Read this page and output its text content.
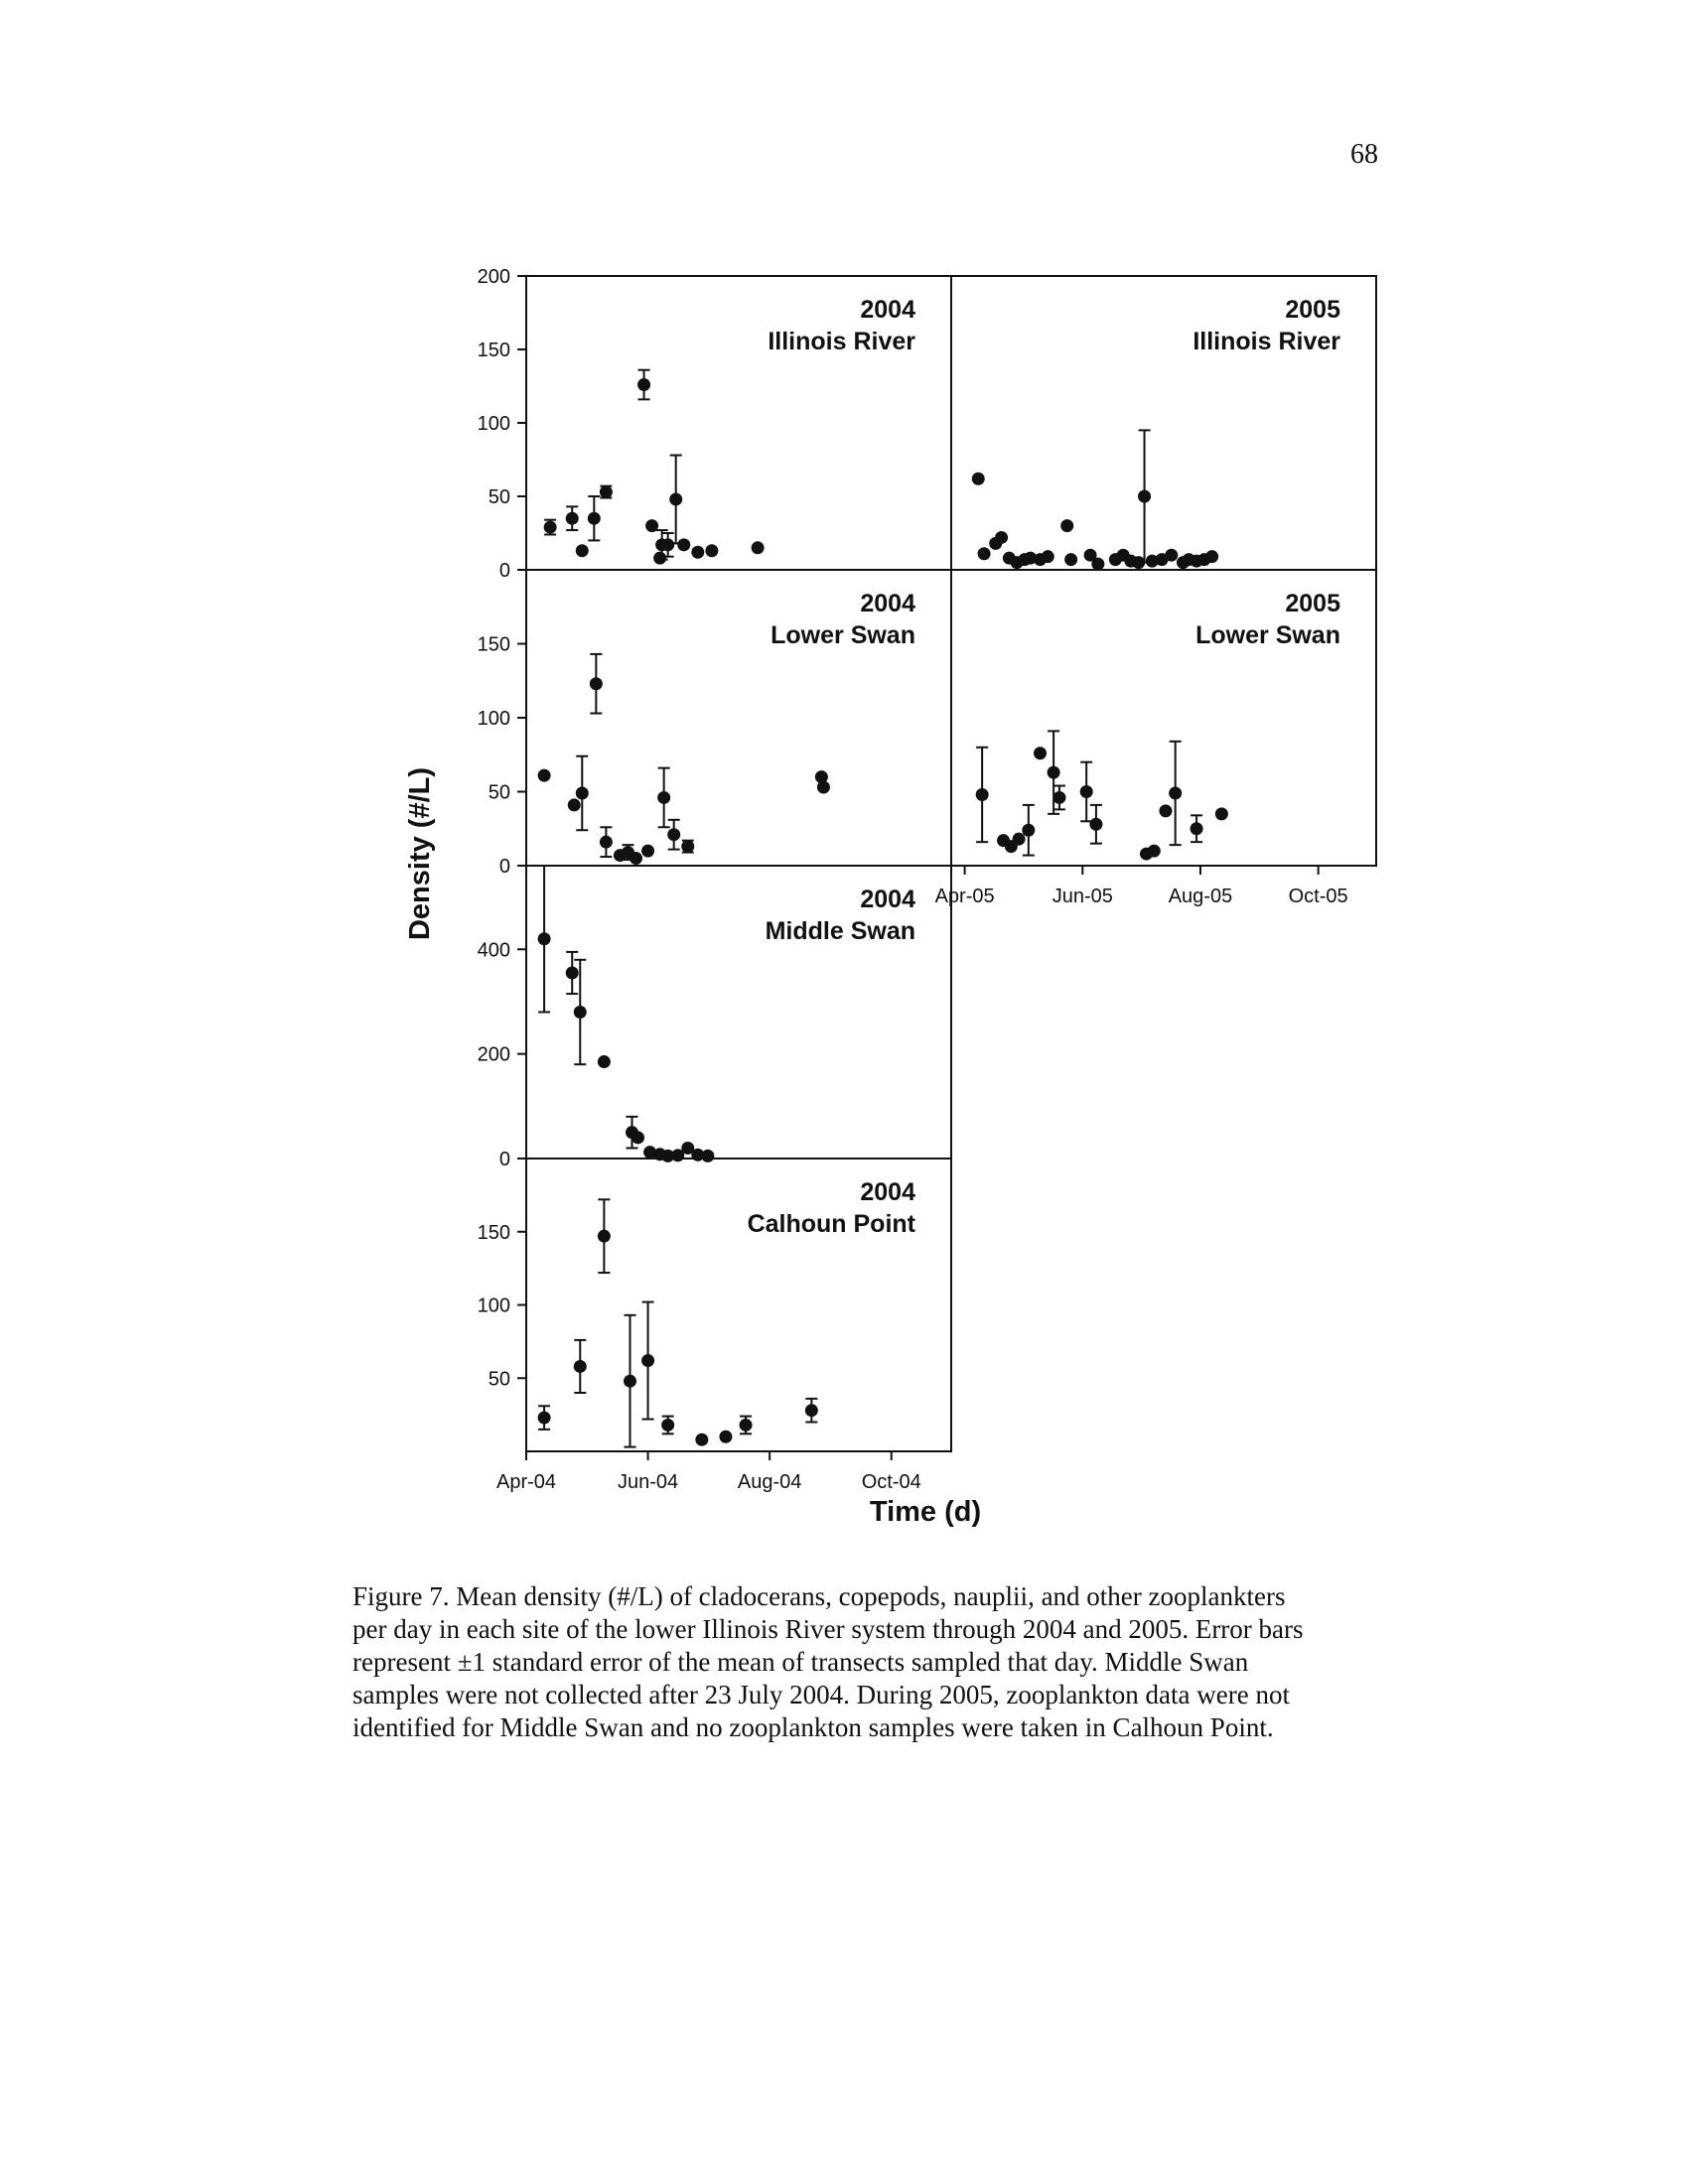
68
Density (#/L)
Time (d)
0
50
100
150
200
2004
Illinois River
2005
Illinois River
0
50
100
150
2004
Lower Swan
Apr-05	Jun-05	Aug-05	Oct-05
2005
Lower Swan
0
200
400
2004
Middle Swan
50
100
150
Apr-04	Jun-04	Aug-04	Oct-04
2004
Calhoun Point

Figure 7. Mean density (#/L) of cladocerans, copepods, nauplii, and other zooplankters

per day in each site of the lower Illinois River system through 2004 and 2005. Error bars

represent ±1 standard error of the mean of transects sampled that day. Middle Swan

samples were not collected after 23 July 2004. During 2005, zooplankton data were not

identified for Middle Swan and no zooplankton samples were taken in Calhoun Point.
